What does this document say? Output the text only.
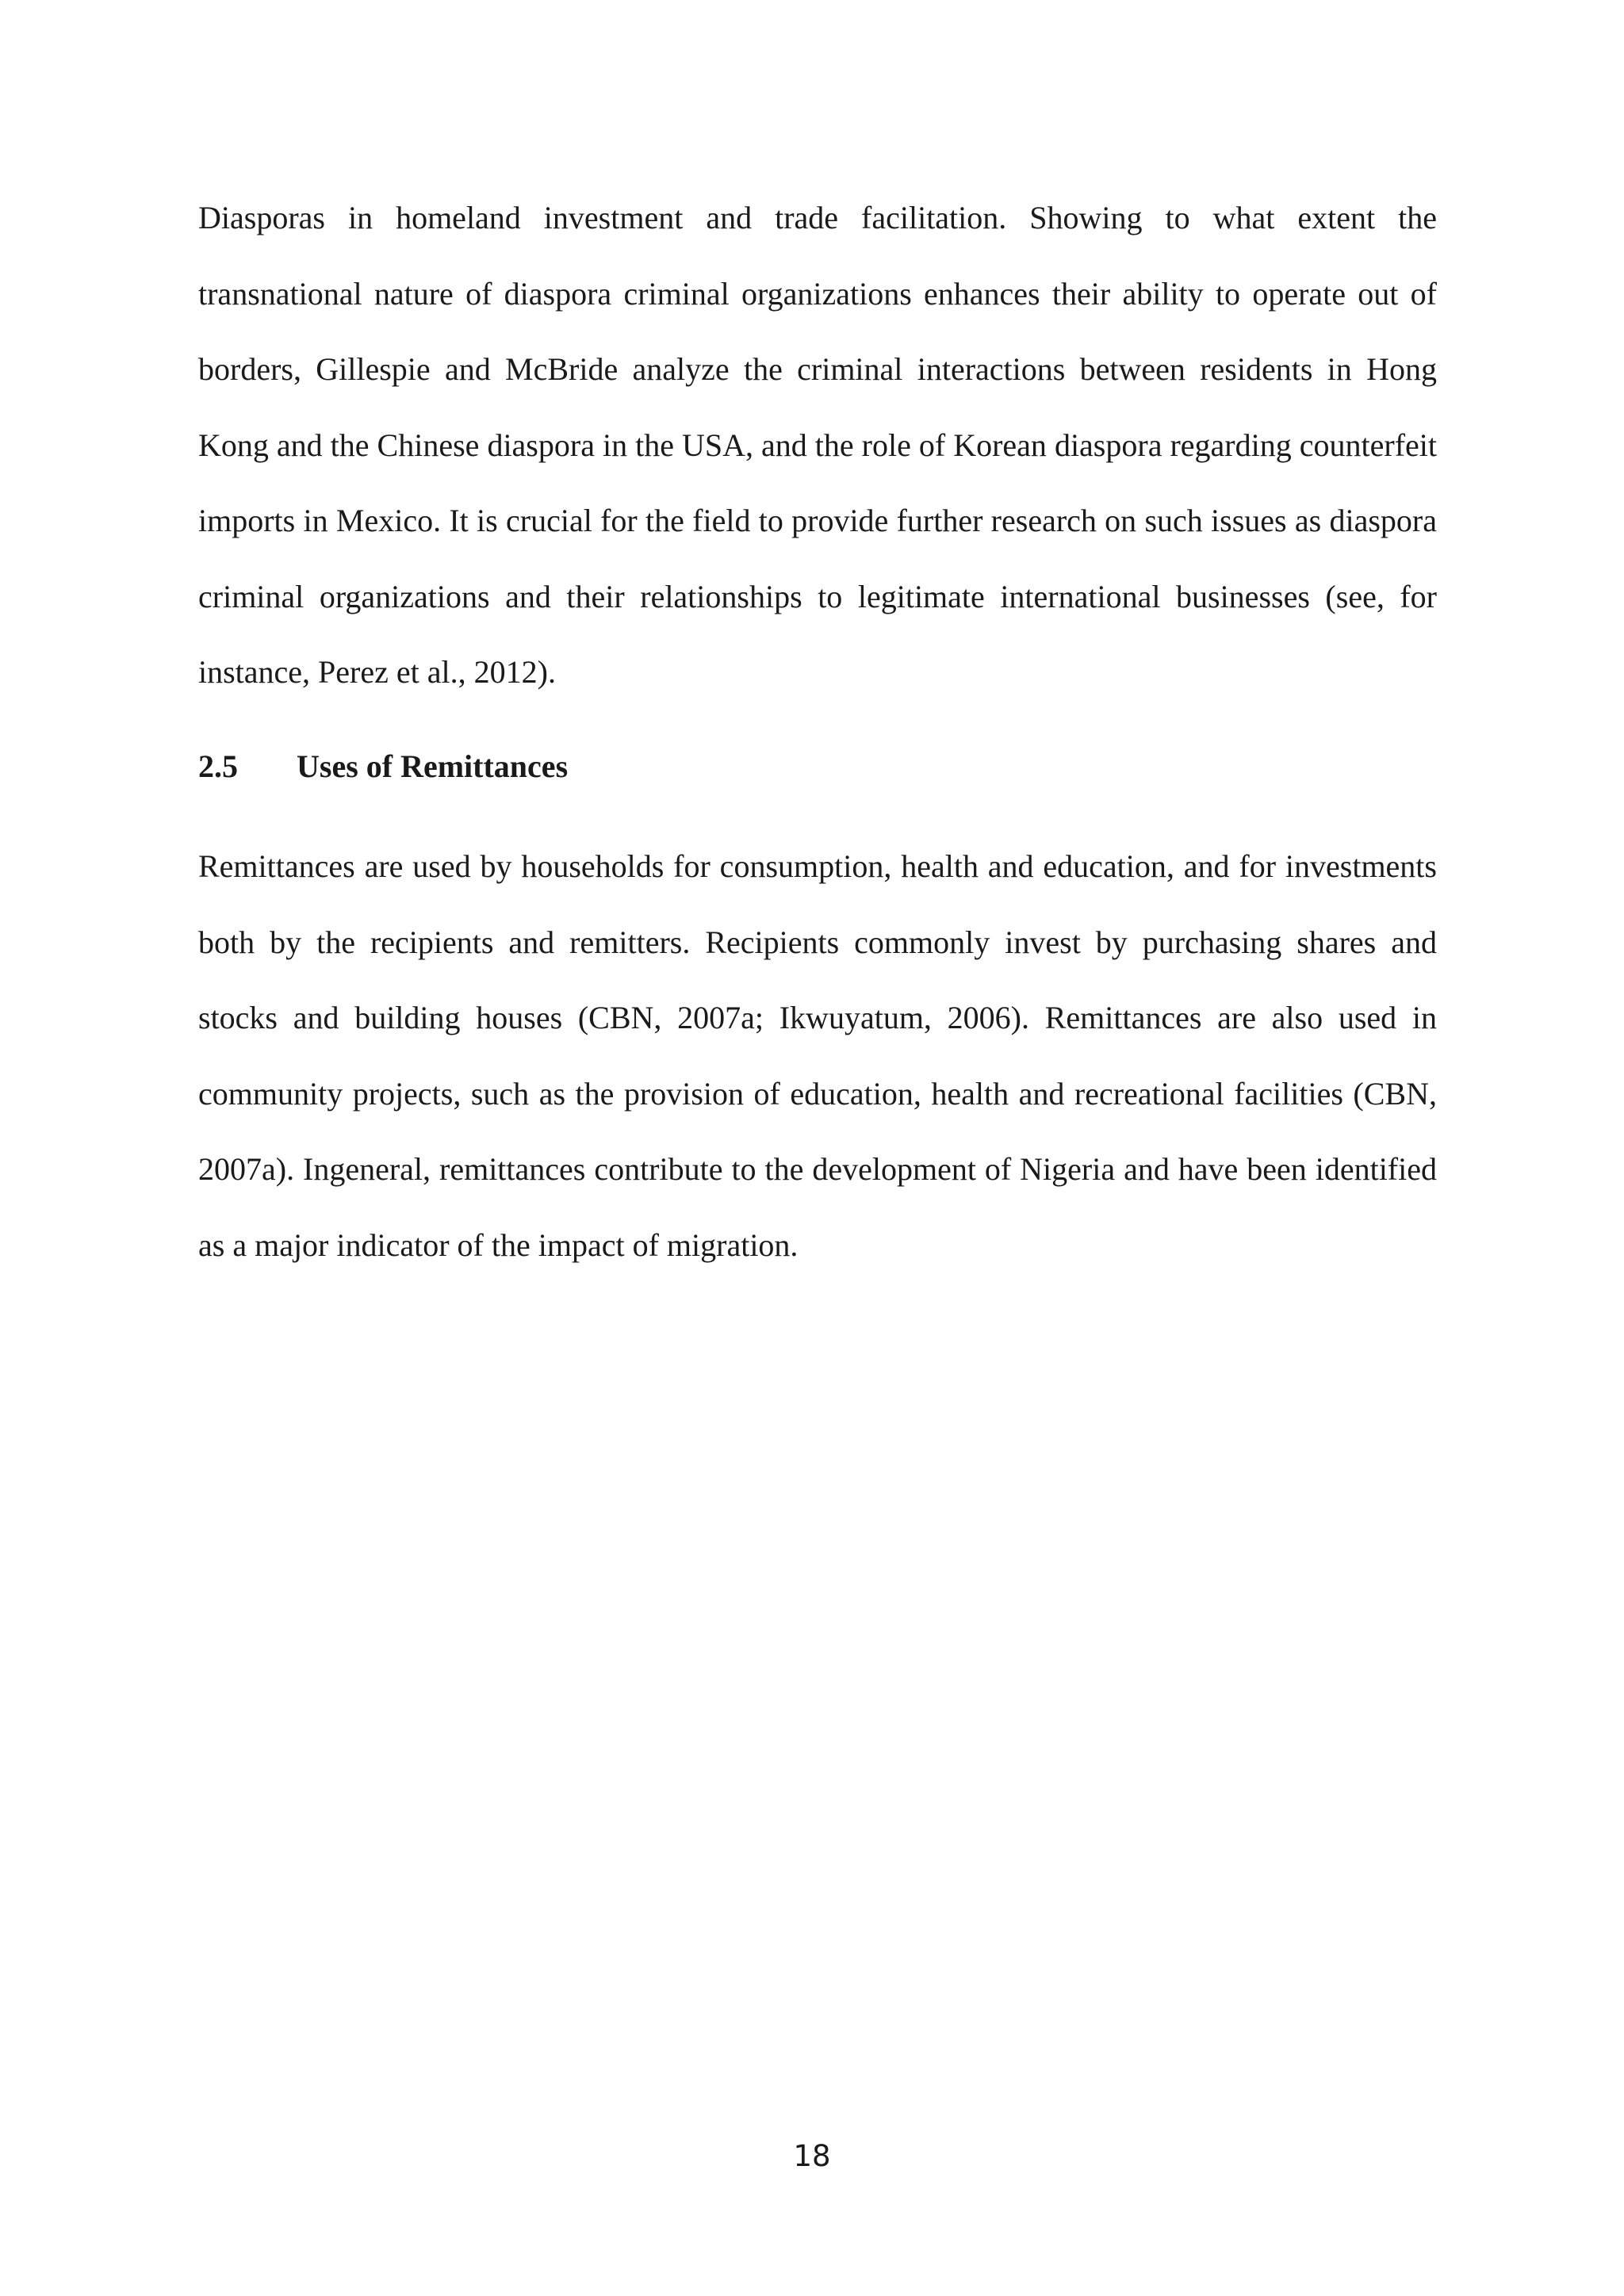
Diasporas in homeland investment and trade facilitation. Showing to what extent the transnational nature of diaspora criminal organizations enhances their ability to operate out of borders, Gillespie and McBride analyze the criminal interactions between residents in Hong Kong and the Chinese diaspora in the USA, and the role of Korean diaspora regarding counterfeit imports in Mexico. It is crucial for the field to provide further research on such issues as diaspora criminal organizations and their relationships to legitimate international businesses (see, for instance, Perez et al., 2012).

2.5 Uses of Remittances

Remittances are used by households for consumption, health and education, and for investments both by the recipients and remitters. Recipients commonly invest by purchasing shares and stocks and building houses (CBN, 2007a; Ikwuyatum, 2006). Remittances are also used in community projects, such as the provision of education, health and recreational facilities (CBN, 2007a). Ingeneral, remittances contribute to the development of Nigeria and have been identified as a major indicator of the impact of migration.

18
